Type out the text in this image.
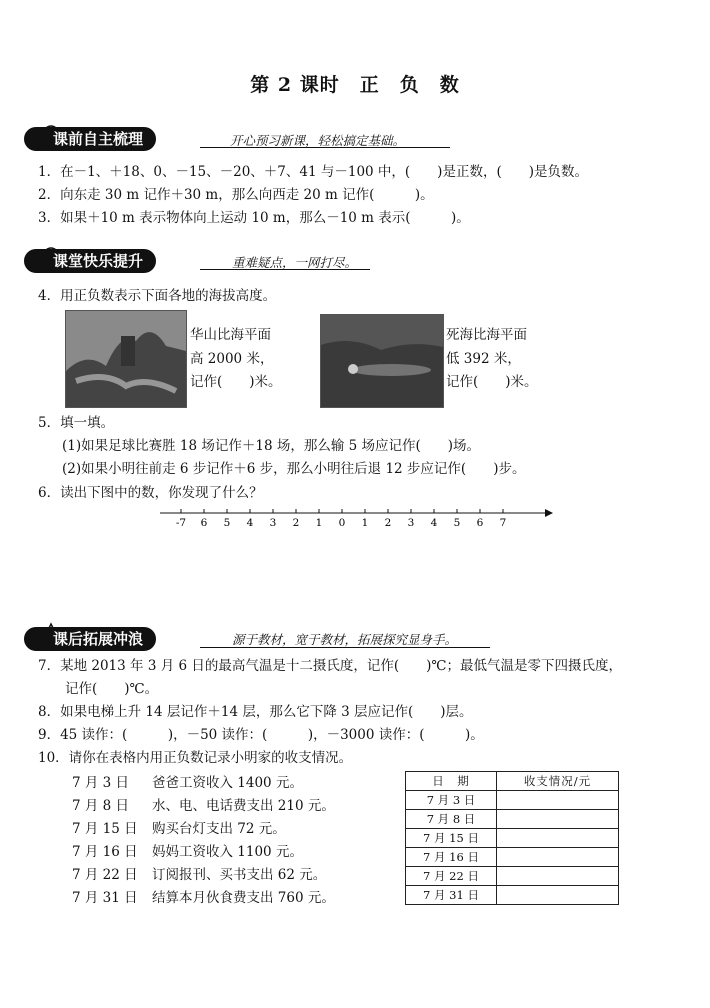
第 2 课时　正　负　数
课前自主梳理	开心预习新课，轻松搞定基础。
1．在－1、＋18、0、－15、－20、＋7、41 与－100 中，(　　)是正数，(　　)是负数。
2．向东走 30 m 记作＋30 m，那么向西走 20 m 记作(　　　)。
3．如果＋10 m 表示物体向上运动 10 m，那么－10 m 表示(　　　)。
课堂快乐提升	重难疑点，一网打尽。
4．用正负数表示下面各地的海拔高度。
华山比海平面
高 2000 米，
记作(　　)米。
死海比海平面
低 392 米，
记作(　　)米。
5．填一填。
(1)如果足球比赛胜 18 场记作＋18 场，那么输 5 场应记作(　　)场。
(2)如果小明往前走 6 步记作＋6 步，那么小明往后退 12 步应记作(　　)步。
6．读出下图中的数，你发现了什么？
-7 6 5 4 3 2 1 0 1 2 3 4 5 6 7
课后拓展冲浪	源于教材，宽于教材，拓展探究显身手。
7．某地 2013 年 3 月 6 日的最高气温是十二摄氏度，记作(　　)℃；最低气温是零下四摄氏度，
记作(　　)℃。
8．如果电梯上升 14 层记作＋14 层，那么它下降 3 层应记作(　　)层。
9．45 读作：(　　　)，－50 读作：(　　　)，－3000 读作：(　　　)。
10．请你在表格内用正负数记录小明家的收支情况。
7 月 3 日 爸爸工资收入 1400 元。
7 月 8 日 水、电、电话费支出 210 元。
7 月 15 日 购买台灯支出 72 元。
7 月 16 日 妈妈工资收入 1100 元。
7 月 22 日 订阅报刊、买书支出 62 元。
7 月 31 日 结算本月伙食费支出 760 元。
日　期	收支情况/元
7 月 3 日	
7 月 8 日	
7 月 15 日	
7 月 16 日	
7 月 22 日	
7 月 31 日	
